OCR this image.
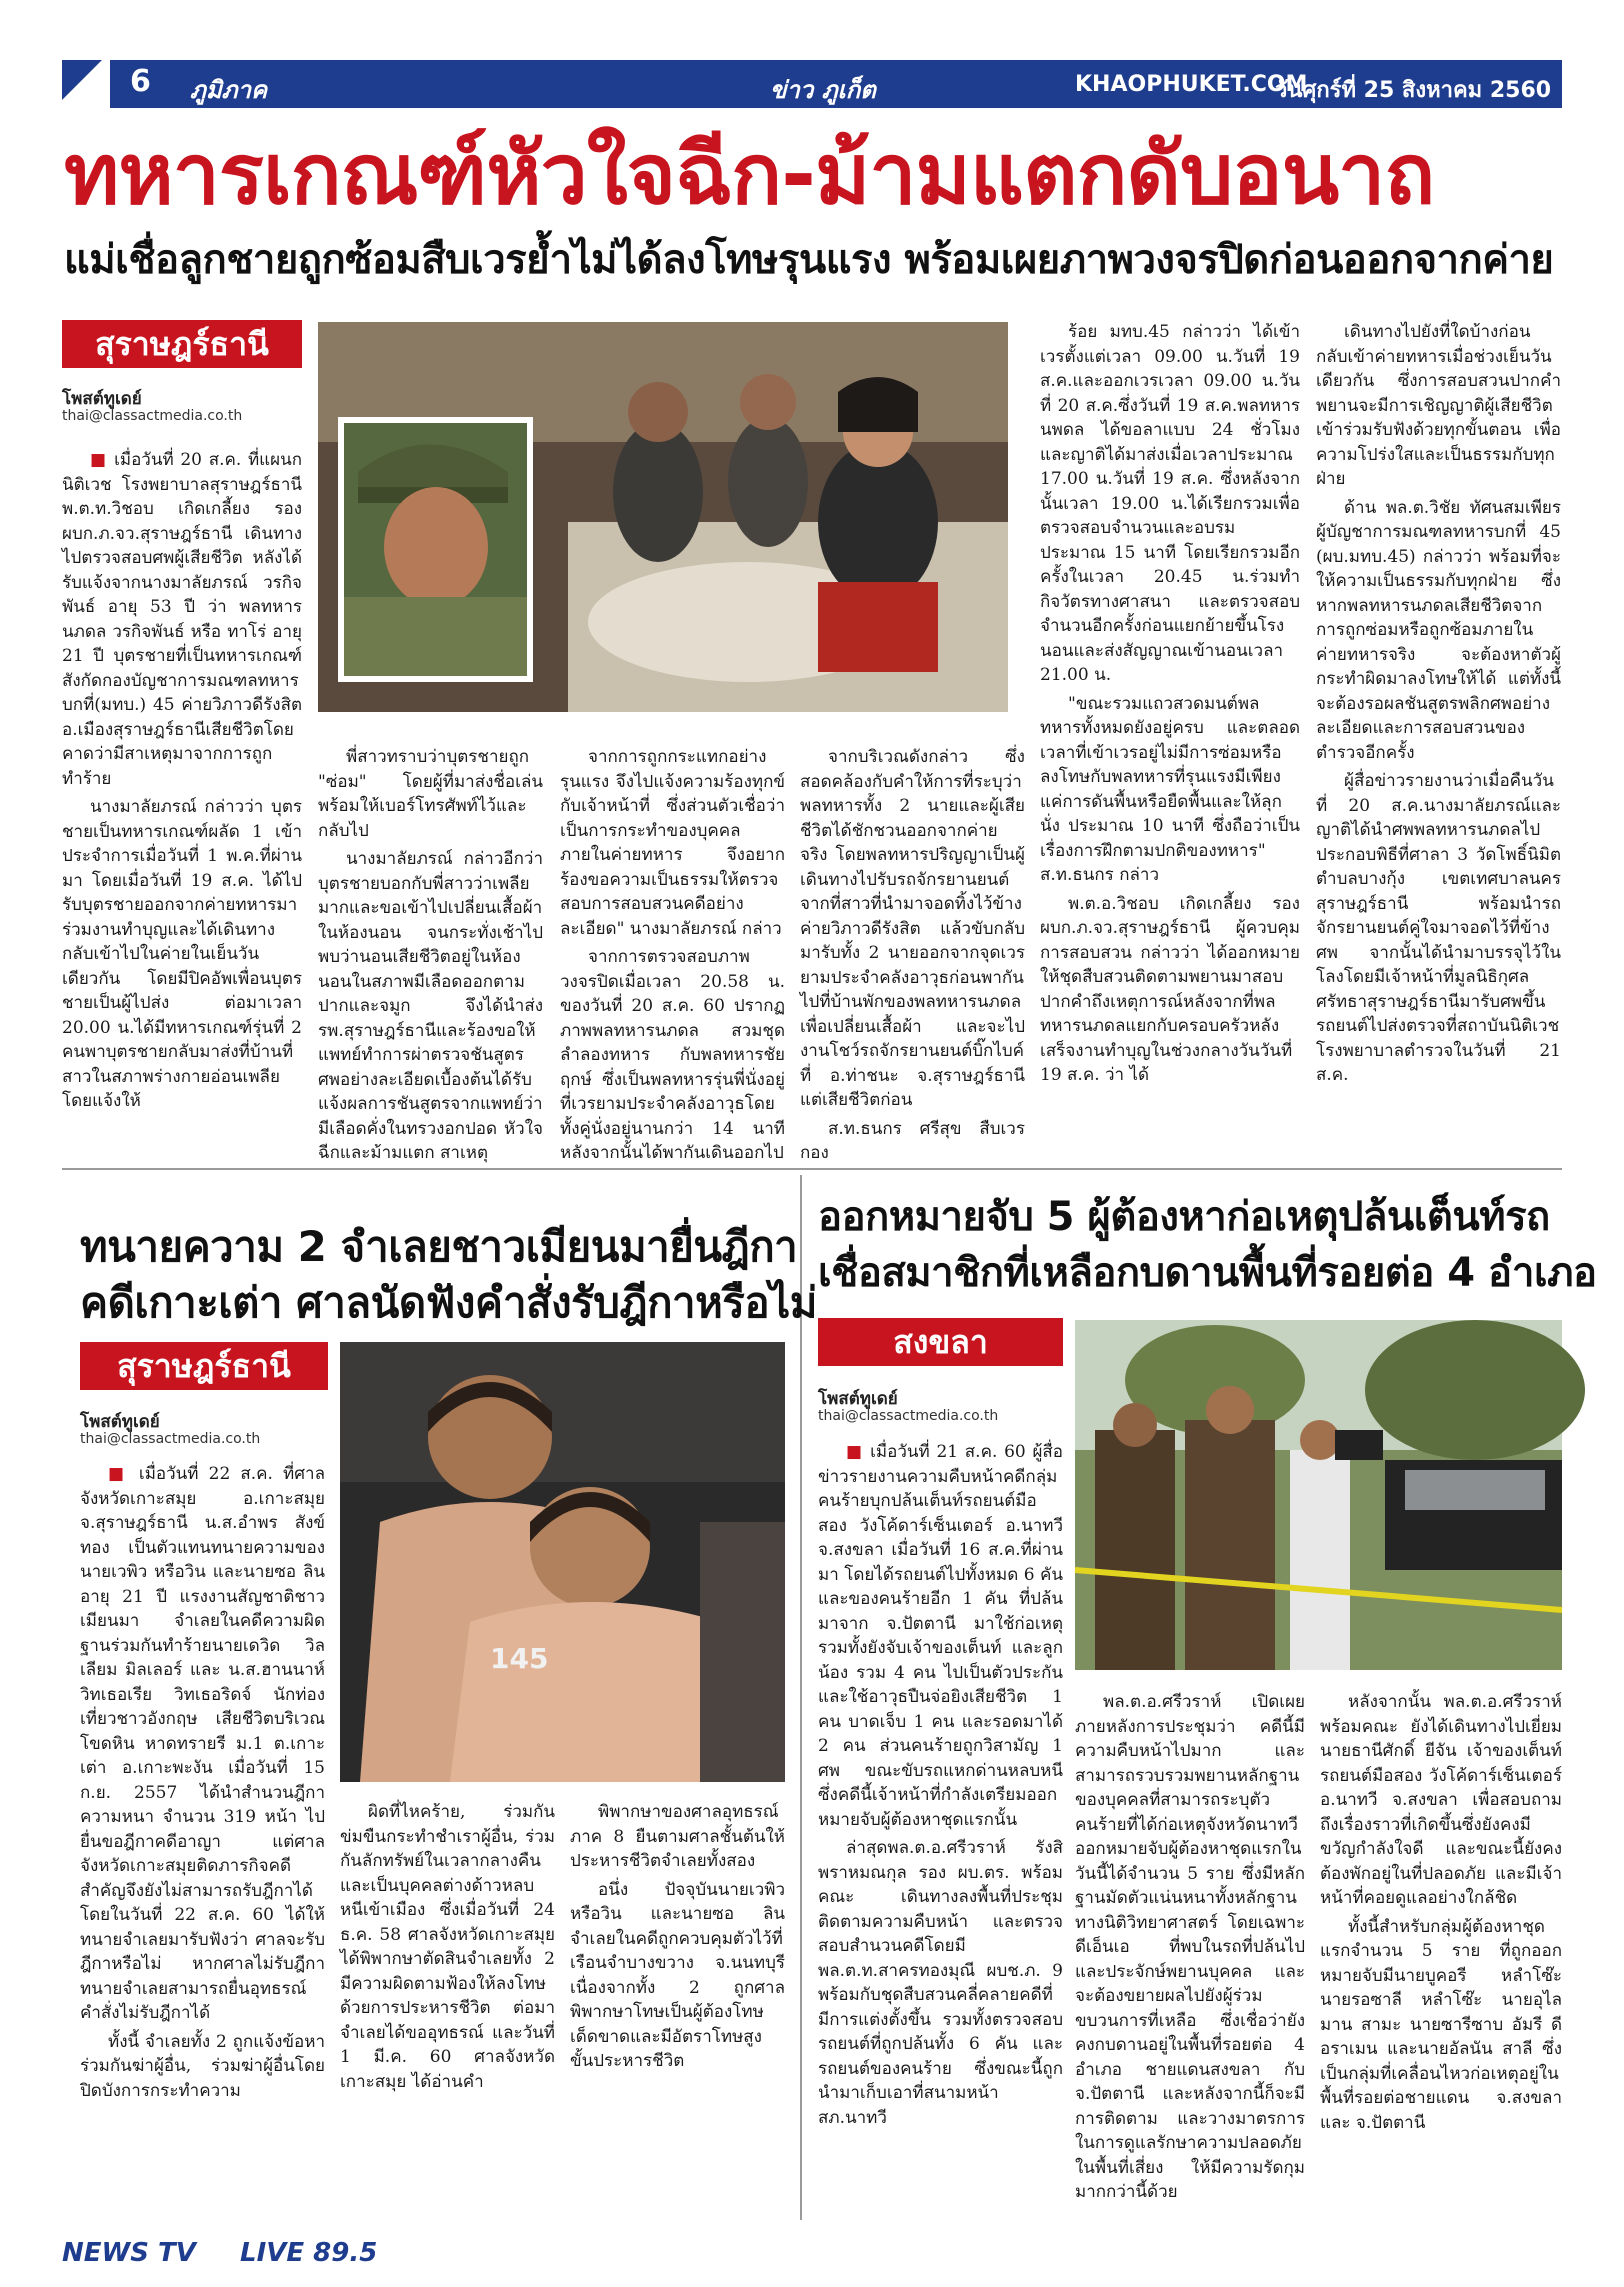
6 ภูมิภาค	ข่าว ภูเก็ต	KHAOPHUKET.COM
วันศุกร์ที่ 25 สิงหาคม 2560
ทหารเกณฑ์หัวใจฉีก-ม้ามแตกดับอนาถ
แม่เชื่อลูกชายถูกซ้อมสืบเวรย้ำไม่ได้ลงโทษรุนแรง พร้อมเผยภาพวงจรปิดก่อนออกจากค่าย
สุราษฎร์ธานี
โพสต์ทูเดย์
thai@classactmedia.co.th

■ เมื่อวันที่ 20 ส.ค. ที่แผนกนิติเวช โรงพยาบาลสุราษฎร์ธานี พ.ต.ท.วิชอบ เกิดเกลี้ยง รอง ผบก.ภ.จว.สุราษฎร์ธานี เดินทางไปตรวจสอบศพผู้เสียชีวิต หลังได้รับแจ้งจากนางมาลัยภรณ์ วรกิจพันธ์ อายุ 53 ปี ว่า พลทหาร นภดล วรกิจพันธ์ หรือ ทาโร่ อายุ 21 ปี บุตรชายที่เป็นทหารเกณฑ์สังกัดกองบัญชาการมณฑลทหารบกที่(มทบ.) 45 ค่ายวิภาวดีรังสิต อ.เมืองสุราษฎร์ธานีเสียชีวิตโดยคาดว่ามีสาเหตุมาจากการถูกทำร้าย

นางมาลัยภรณ์ กล่าวว่า บุตรชายเป็นทหารเกณฑ์ผลัด 1 เข้าประจำการเมื่อวันที่ 1 พ.ค.ที่ผ่านมา โดยเมื่อวันที่ 19 ส.ค. ได้ไปรับบุตรชายออกจากค่ายทหารมาร่วมงานทำบุญและได้เดินทางกลับเข้าไปในค่ายในเย็นวันเดียวกัน โดยมีปิคอัพเพื่อนบุตรชายเป็นผู้ไปส่ง ต่อมาเวลา 20.00 น.ได้มีทหารเกณฑ์รุ่นที่ 2 คนพาบุตรชายกลับมาส่งที่บ้านที่สาวในสภาพร่างกายอ่อนเพลีย โดยแจ้งให้

พี่สาวทราบว่าบุตรชายถูก "ซ่อม" โดยผู้ที่มาส่งชื่อเล่นพร้อมให้เบอร์โทรศัพท์ไว้และกลับไป

นางมาลัยภรณ์ กล่าวอีกว่า บุตรชายบอกกับพี่สาวว่าเพลียมากและขอเข้าไปเปลี่ยนเสื้อผ้าในห้องนอน จนกระทั่งเช้าไปพบว่านอนเสียชีวิตอยู่ในห้องนอนในสภาพมีเลือดออกตามปากและจมูก จึงได้นำส่งรพ.สุราษฎร์ธานีและร้องขอให้แพทย์ทำการผ่าตรวจชันสูตรศพอย่างละเอียดเบื้องต้นได้รับแจ้งผลการชันสูตรจากแพทย์ว่ามีเลือดคั่งในทรวงอกปอด หัวใจฉีกและม้ามแตก สาเหตุ

จากการถูกกระแทกอย่างรุนแรง จึงไปแจ้งความร้องทุกข์กับเจ้าหน้าที่ ซึ่งส่วนตัวเชื่อว่าเป็นการกระทำของบุคคลภายในค่ายทหาร จึงอยากร้องขอความเป็นธรรมให้ตรวจสอบการสอบสวนคดีอย่างละเอียด" นางมาลัยภรณ์ กล่าว

จากการตรวจสอบภาพวงจรปิดเมื่อเวลา 20.58 น. ของวันที่ 20 ส.ค. 60 ปรากฏภาพพลทหารนภดล สวมชุดลำลองทหาร กับพลทหารชัยฤกษ์ ซึ่งเป็นพลทหารรุ่นพี่นั่งอยู่ที่เวรยามประจำคลังอาวุธโดยทั้งคู่นั่งอยู่นานกว่า 14 นาที หลังจากนั้นได้พากันเดินออกไป

จากบริเวณดังกล่าว ซึ่งสอดคล้องกับคำให้การที่ระบุว่าพลทหารทั้ง 2 นายและผู้เสียชีวิตได้ชักชวนออกจากค่ายจริง โดยพลทหารปริญญาเป็นผู้เดินทางไปรับรถจักรยานยนต์จากที่สาวที่นำมาจอดทิ้งไว้ข้างค่ายวิภาวดีรังสิต แล้วขับกลับมารับทั้ง 2 นายออกจากจุดเวรยามประจำคลังอาวุธก่อนพากันไปที่บ้านพักของพลทหารนภดลเพื่อเปลี่ยนเสื้อผ้า และจะไปงานโชว์รถจักรยานยนต์บิ๊กไบค์ที่ อ.ท่าชนะ จ.สุราษฎร์ธานี แต่เสียชีวิตก่อน

ส.ท.ธนกร ศรีสุข สืบเวร กอง

ร้อย มทบ.45 กล่าวว่า ได้เข้าเวรตั้งแต่เวลา 09.00 น.วันที่ 19 ส.ค.และออกเวรเวลา 09.00 น.วันที่ 20 ส.ค.ซึ่งวันที่ 19 ส.ค.พลทหารนพดล ได้ขอลาแบบ 24 ชั่วโมง และญาติได้มาส่งเมื่อเวลาประมาณ 17.00 น.วันที่ 19 ส.ค. ซึ่งหลังจากนั้นเวลา 19.00 น.ได้เรียกรวมเพื่อตรวจสอบจำนวนและอบรมประมาณ 15 นาที โดยเรียกรวมอีกครั้งในเวลา 20.45 น.ร่วมทำกิจวัตรทางศาสนา และตรวจสอบจำนวนอีกครั้งก่อนแยกย้ายขึ้นโรงนอนและส่งสัญญาณเข้านอนเวลา 21.00 น.

"ขณะรวมแถวสวดมนต์พลทหารทั้งหมดยังอยู่ครบ และตลอดเวลาที่เข้าเวรอยู่ไม่มีการซ่อมหรือลงโทษกับพลทหารที่รุนแรงมีเพียงแค่การดันพื้นหรือยืดพื้นและให้ลุกนั่ง ประมาณ 10 นาที ซึ่งถือว่าเป็นเรื่องการฝึกตามปกติของทหาร" ส.ท.ธนกร กล่าว

พ.ต.อ.วิชอบ เกิดเกลี้ยง รอง ผบก.ภ.จว.สุราษฎร์ธานี ผู้ควบคุมการสอบสวน กล่าวว่า ได้ออกหมายให้ชุดสืบสวนติดตามพยานมาสอบปากคำถึงเหตุการณ์หลังจากที่พลทหารนภดลแยกกับครอบครัวหลังเสร็จงานทำบุญในช่วงกลางวันวันที่ 19 ส.ค. ว่า ได้

เดินทางไปยังที่ใดบ้างก่อนกลับเข้าค่ายทหารเมื่อช่วงเย็นวันเดียวกัน ซึ่งการสอบสวนปากคำพยานจะมีการเชิญญาติผู้เสียชีวิตเข้าร่วมรับฟังด้วยทุกขั้นตอน เพื่อความโปร่งใสและเป็นธรรมกับทุกฝ่าย

ด้าน พล.ต.วิชัย ทัศนสมเพียร ผู้บัญชาการมณฑลทหารบกที่ 45 (ผบ.มทบ.45) กล่าวว่า พร้อมที่จะให้ความเป็นธรรมกับทุกฝ่าย ซึ่งหากพลทหารนภดลเสียชีวิตจากการถูกซ่อมหรือถูกซ้อมภายในค่ายทหารจริง จะต้องหาตัวผู้กระทำผิดมาลงโทษให้ได้ แต่ทั้งนี้จะต้องรอผลชันสูตรพลิกศพอย่างละเอียดและการสอบสวนของตำรวจอีกครั้ง

ผู้สื่อข่าวรายงานว่าเมื่อคืนวันที่ 20 ส.ค.นางมาลัยภรณ์และญาติได้นำศพพลทหารนภดลไปประกอบพิธีที่ศาลา 3 วัดโพธิ์นิมิต ตำบลบางกุ้ง เขตเทศบาลนครสุราษฎร์ธานี พร้อมนำรถจักรยานยนต์คู่ใจมาจอดไว้ที่ข้างศพ จากนั้นได้นำมาบรรจุไว้ในโลงโดยมีเจ้าหน้าที่มูลนิธิกุศลศรัทธาสุราษฎร์ธานีมารับศพขึ้นรถยนต์ไปส่งตรวจที่สถาบันนิติเวช โรงพยาบาลตำรวจในวันที่ 21 ส.ค.

ทนายความ 2 จำเลยชาวเมียนมายื่นฎีกา
คดีเกาะเต่า ศาลนัดฟังคำสั่งรับฎีกาหรือไม่
สุราษฎร์ธานี
โพสต์ทูเดย์
thai@classactmedia.co.th
145

■ เมื่อวันที่ 22 ส.ค. ที่ศาลจังหวัดเกาะสมุย อ.เกาะสมุย จ.สุราษฎร์ธานี น.ส.อำพร สังข์ทอง เป็นตัวแทนทนายความของนายเวพิว หรือวิน และนายซอ ลิน อายุ 21 ปี แรงงานสัญชาติชาวเมียนมา จำเลยในคดีความผิดฐานร่วมกันทำร้ายนายเดวิด วิลเลียม มิลเลอร์ และ น.ส.ฮานนาห์ วิทเธอเรีย วิทเธอริดจ์ นักท่องเที่ยวชาวอังกฤษ เสียชีวิตบริเวณโขดหิน หาดทรายรี ม.1 ต.เกาะเต่า อ.เกาะพะงัน เมื่อวันที่ 15 ก.ย. 2557 ได้นำสำนวนฎีกาความหนา จำนวน 319 หน้า ไปยื่นขอฎีกาคดีอาญา แต่ศาลจังหวัดเกาะสมุยติดภารกิจคดีสำคัญจึงยังไม่สามารถรับฎีกาได้ โดยในวันที่ 22 ส.ค. 60 ได้ให้ทนายจำเลยมารับฟังว่า ศาลจะรับฎีกาหรือไม่ หากศาลไม่รับฎีกาทนายจำเลยสามารถยื่นอุทธรณ์คำสั่งไม่รับฎีกาได้

ทั้งนี้ จำเลยทั้ง 2 ถูกแจ้งข้อหาร่วมกันฆ่าผู้อื่น, ร่วมฆ่าผู้อื่นโดยปิดบังการกระทำความ

ผิดที่ไหคร้าย, ร่วมกันข่มขืนกระทำชำเราผู้อื่น, ร่วมกันลักทรัพย์ในเวลากลางคืน และเป็นบุคคลต่างด้าวหลบหนีเข้าเมือง ซึ่งเมื่อวันที่ 24 ธ.ค. 58 ศาลจังหวัดเกาะสมุยได้พิพากษาตัดสินจำเลยทั้ง 2 มีความผิดตามฟ้องให้ลงโทษด้วยการประหารชีวิต ต่อมาจำเลยได้ขออุทธรณ์ และวันที่ 1 มี.ค. 60 ศาลจังหวัดเกาะสมุย ได้อ่านคำ

พิพากษาของศาลอุทธรณ์ภาค 8 ยืนตามศาลชั้นต้นให้ประหารชีวิตจำเลยทั้งสอง

อนึ่ง ปัจจุบันนายเวพิว หรือวิน และนายซอ ลิน จำเลยในคดีถูกควบคุมตัวไว้ที่เรือนจำบางขวาง จ.นนทบุรี เนื่องจากทั้ง 2 ถูกศาลพิพากษาโทษเป็นผู้ต้องโทษเด็ดขาดและมีอัตราโทษสูงขั้นประหารชีวิต

ออกหมายจับ 5 ผู้ต้องหาก่อเหตุปล้นเต็นท์รถ
เชื่อสมาชิกที่เหลือกบดานพื้นที่รอยต่อ 4 อำเภอ
สงขลา
โพสต์ทูเดย์
thai@classactmedia.co.th

■ เมื่อวันที่ 21 ส.ค. 60 ผู้สื่อข่าวรายงานความคืบหน้าคดีกลุ่มคนร้ายบุกปล้นเต็นท์รถยนต์มือสอง วังโค้ดาร์เซ็นเตอร์ อ.นาทวี จ.สงขลา เมื่อวันที่ 16 ส.ค.ที่ผ่านมา โดยได้รถยนต์ไปทั้งหมด 6 คัน และของคนร้ายอีก 1 คัน ที่ปล้นมาจาก จ.ปัตตานี มาใช้ก่อเหตุ รวมทั้งยังจับเจ้าของเต็นท์ และลูกน้อง รวม 4 คน ไปเป็นตัวประกัน และใช้อาวุธปืนจ่อยิงเสียชีวิต 1 คน บาดเจ็บ 1 คน และรอดมาได้ 2 คน ส่วนคนร้ายถูกวิสามัญ 1 ศพ ขณะขับรถแหกด่านหลบหนี ซึ่งคดีนี้เจ้าหน้าที่กำลังเตรียมออกหมายจับผู้ต้องหาชุดแรกนั้น

ล่าสุดพล.ต.อ.ศรีวราห์ รังสิพราหมณกุล รอง ผบ.ตร. พร้อมคณะ เดินทางลงพื้นที่ประชุมติดตามความคืบหน้า และตรวจสอบสำนวนคดีโดยมีพล.ต.ท.สาครทองมุณี ผบช.ภ. 9 พร้อมกับชุดสืบสวนคลี่คลายคดีที่มีการแต่งตั้งขึ้น รวมทั้งตรวจสอบรถยนต์ที่ถูกปล้นทั้ง 6 คัน และรถยนต์ของคนร้าย ซึ่งขณะนี้ถูกนำมาเก็บเอาที่สนามหน้า สภ.นาทวี

พล.ต.อ.ศรีวราห์ เปิดเผยภายหลังการประชุมว่า คดีนี้มีความคืบหน้าไปมาก และสามารถรวบรวมพยานหลักฐานของบุคคลที่สามารถระบุตัวคนร้ายที่ได้ก่อเหตุจังหวัดนาทวี ออกหมายจับผู้ต้องหาชุดแรกในวันนี้ได้จำนวน 5 ราย ซึ่งมีหลักฐานมัดตัวแน่นหนาทั้งหลักฐานทางนิติวิทยาศาสตร์ โดยเฉพาะดีเอ็นเอ ที่พบในรถที่ปล้นไป และประจักษ์พยานบุคคล และจะต้องขยายผลไปยังผู้ร่วมขบวนการที่เหลือ ซึ่งเชื่อว่ายังคงกบดานอยู่ในพื้นที่รอยต่อ 4 อำเภอ ชายแดนสงขลา กับ จ.ปัตตานี และหลังจากนี้ก็จะมีการติดตาม และวางมาตรการในการดูแลรักษาความปลอดภัยในพื้นที่เสี่ยง ให้มีความรัดกุมมากกว่านี้ด้วย

หลังจากนั้น พล.ต.อ.ศรีวราห์ พร้อมคณะ ยังได้เดินทางไปเยี่ยม นายธานีศักดิ์ ยีจัน เจ้าของเต็นท์รถยนต์มือสอง วังโค้ดาร์เซ็นเตอร์ อ.นาทวี จ.สงขลา เพื่อสอบถามถึงเรื่องราวที่เกิดขึ้นซึ่งยังคงมีขวัญกำลังใจดี และขณะนี้ยังคงต้องพักอยู่ในที่ปลอดภัย และมีเจ้าหน้าที่คอยดูแลอย่างใกล้ชิด

ทั้งนี้สำหรับกลุ่มผู้ต้องหาชุดแรกจำนวน 5 ราย ที่ถูกออกหมายจับมีนายบูคอรี หลำโซ๊ะ นายรอซาลี หลำโซ๊ะ นายอุไลมาน สามะ นายซารีซาบ อัมรี ดีอราเมน และนายอัลนัน สาลี ซึ่งเป็นกลุ่มที่เคลื่อนไหวก่อเหตุอยู่ในพื้นที่รอยต่อชายแดน จ.สงขลา และ จ.ปัตตานี

NEWS TV LIVE 89.5
